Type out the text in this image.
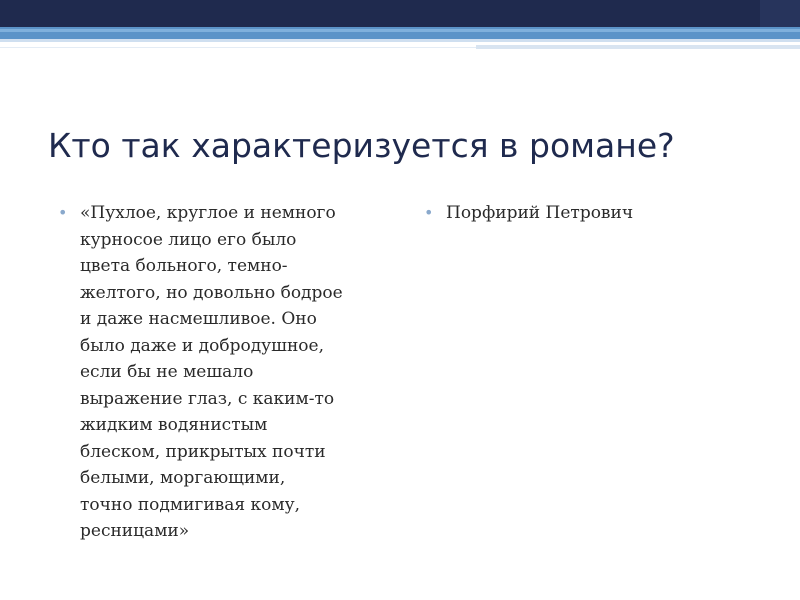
Кто так характеризуется в романе?
• «Пухлое, круглое и немного
курносое лицо его было
цвета больного, темно-
желтого, но довольно бодрое
и даже насмешливое. Оно
было даже и добродушное,
если бы не мешало
выражение глаз, с каким-то
жидким водянистым
блеском, прикрытых почти
белыми, моргающими,
точно подмигивая кому,
ресницами»
• Порфирий Петрович
